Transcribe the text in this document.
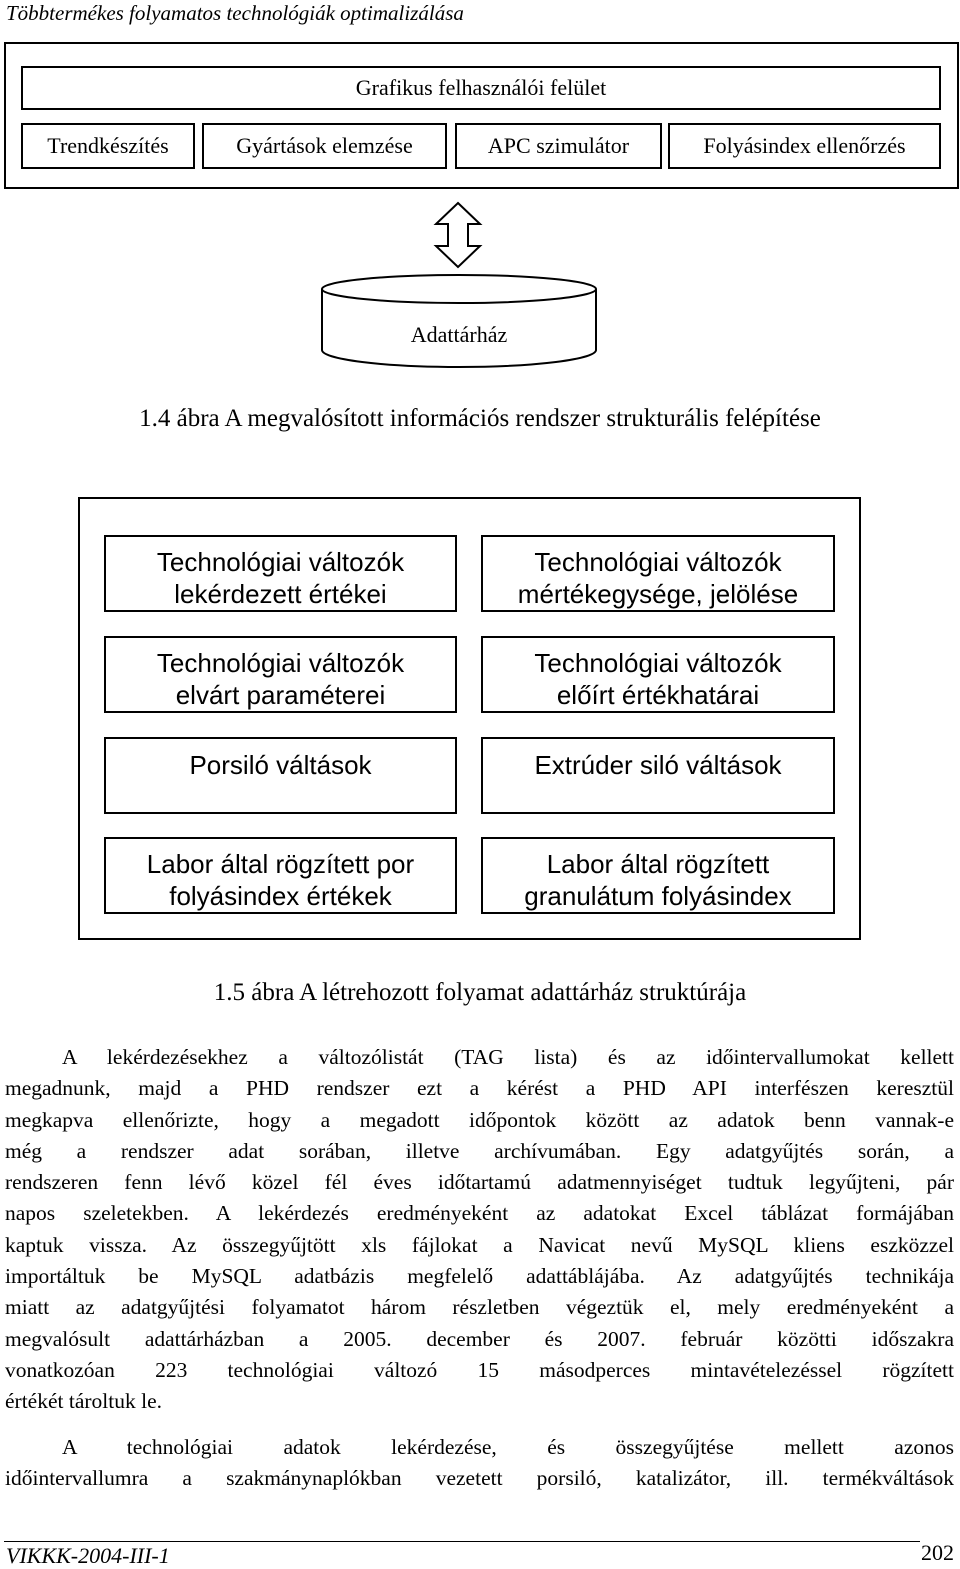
Többtermékes folyamatos technológiák optimalizálása
Grafikus felhasználói felület
Trendkészítés	Gyártások elemzése	APC szimulátor	Folyásindex ellenőrzés
Adattárház
1.4 ábra A megvalósított információs rendszer strukturális felépítése
Technológiai változók
lekérdezett értékei
Technológiai változók
mértékegysége, jelölése
Technológiai változók
elvárt paraméterei
Technológiai változók
előírt értékhatárai
Porsiló váltások	Extrúder siló váltások
Labor által rögzített por
folyásindex értékek
Labor által rögzített
granulátum folyásindex
1.5 ábra A létrehozott folyamat adattárház struktúrája
A lekérdezésekhez a változólistát (TAG lista) és az időintervallumokat kellett
megadnunk, majd a PHD rendszer ezt a kérést a PHD API interfészen keresztül
megkapva ellenőrizte, hogy a megadott időpontok között az adatok benn vannak-e
még a rendszer adat sorában, illetve archívumában. Egy adatgyűjtés során, a
rendszeren fenn lévő közel fél éves időtartamú adatmennyiséget tudtuk legyűjteni, pár
napos szeletekben. A lekérdezés eredményeként az adatokat Excel táblázat formájában
kaptuk vissza. Az összegyűjtött xls fájlokat a Navicat nevű MySQL kliens eszközzel
importáltuk be MySQL adatbázis megfelelő adattáblájába. Az adatgyűjtés technikája
miatt az adatgyűjtési folyamatot három részletben végeztük el, mely eredményeként a
megvalósult adattárházban a 2005. december és 2007. február közötti időszakra
vonatkozóan 223 technológiai változó 15 másodperces mintavételezéssel rögzített
értékét tároltuk le.
A technológiai adatok lekérdezése, és összegyűjtése mellett azonos
időintervallumra a szakmánynaplókban vezetett porsiló, katalizátor, ill. termékváltások
VIKKK-2004-III-1	202
